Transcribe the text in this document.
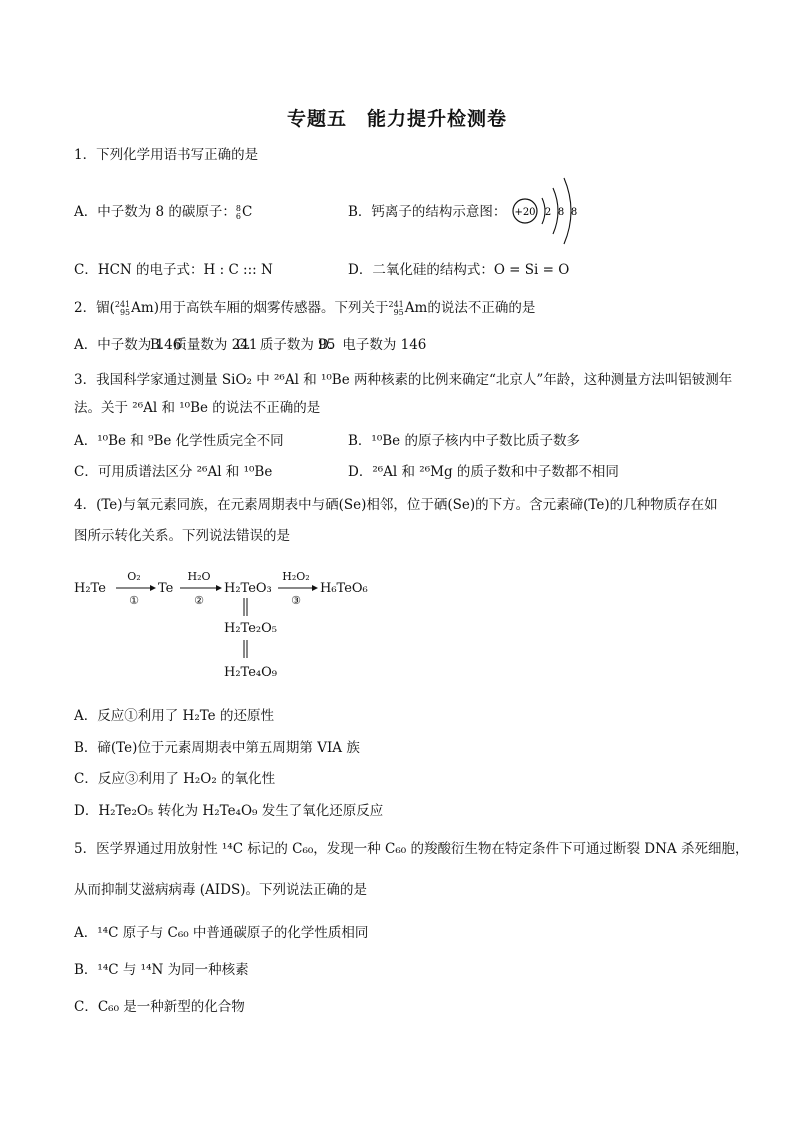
专题五　能力提升检测卷
1．下列化学用语书写正确的是
A．中子数为 8 的碳原子： 8
6 C	B．钙离子的结构示意图： +20 2 8 8
C．HCN 的电子式：H : C ::: N	D．二氧化硅的结构式：O = Si = O
2．镅( 241
95 Am)用于高铁车厢的烟雾传感器。下列关于 241
95 Am的说法不正确的是
A．中子数为 146
B．质量数为 241
C．质子数为 95
D．电子数为 146
3．我国科学家通过测量 SiO₂ 中 ²⁶Al 和 ¹⁰Be 两种核素的比例来确定“北京人”年龄，这种测量方法叫铝铍测年
法。关于 ²⁶Al 和 ¹⁰Be 的说法不正确的是
A．¹⁰Be 和 ⁹Be 化学性质完全不同	B．¹⁰Be 的原子核内中子数比质子数多
C．可用质谱法区分 ²⁶Al 和 ¹⁰Be	D．²⁶Al 和 ²⁶Mg 的质子数和中子数都不相同
4．(Te)与氧元素同族，在元素周期表中与硒(Se)相邻，位于硒(Se)的下方。含元素碲(Te)的几种物质存在如
图所示转化关系。下列说法错误的是
H₂Te
O₂
①
Te
H₂O
②
H₂TeO₃
H₂O₂
③
H₆TeO₆
H₂Te₂O₅
H₂Te₄O₉
A．反应①利用了 H₂Te 的还原性
B．碲(Te)位于元素周期表中第五周期第 VIA 族
C．反应③利用了 H₂O₂ 的氧化性
D．H₂Te₂O₅ 转化为 H₂Te₄O₉ 发生了氧化还原反应
5．医学界通过用放射性 ¹⁴C 标记的 C₆₀，发现一种 C₆₀ 的羧酸衍生物在特定条件下可通过断裂 DNA 杀死细胞，
从而抑制艾滋病病毒 (AIDS)。下列说法正确的是
A．¹⁴C 原子与 C₆₀ 中普通碳原子的化学性质相同
B．¹⁴C 与 ¹⁴N 为同一种核素
C．C₆₀ 是一种新型的化合物
